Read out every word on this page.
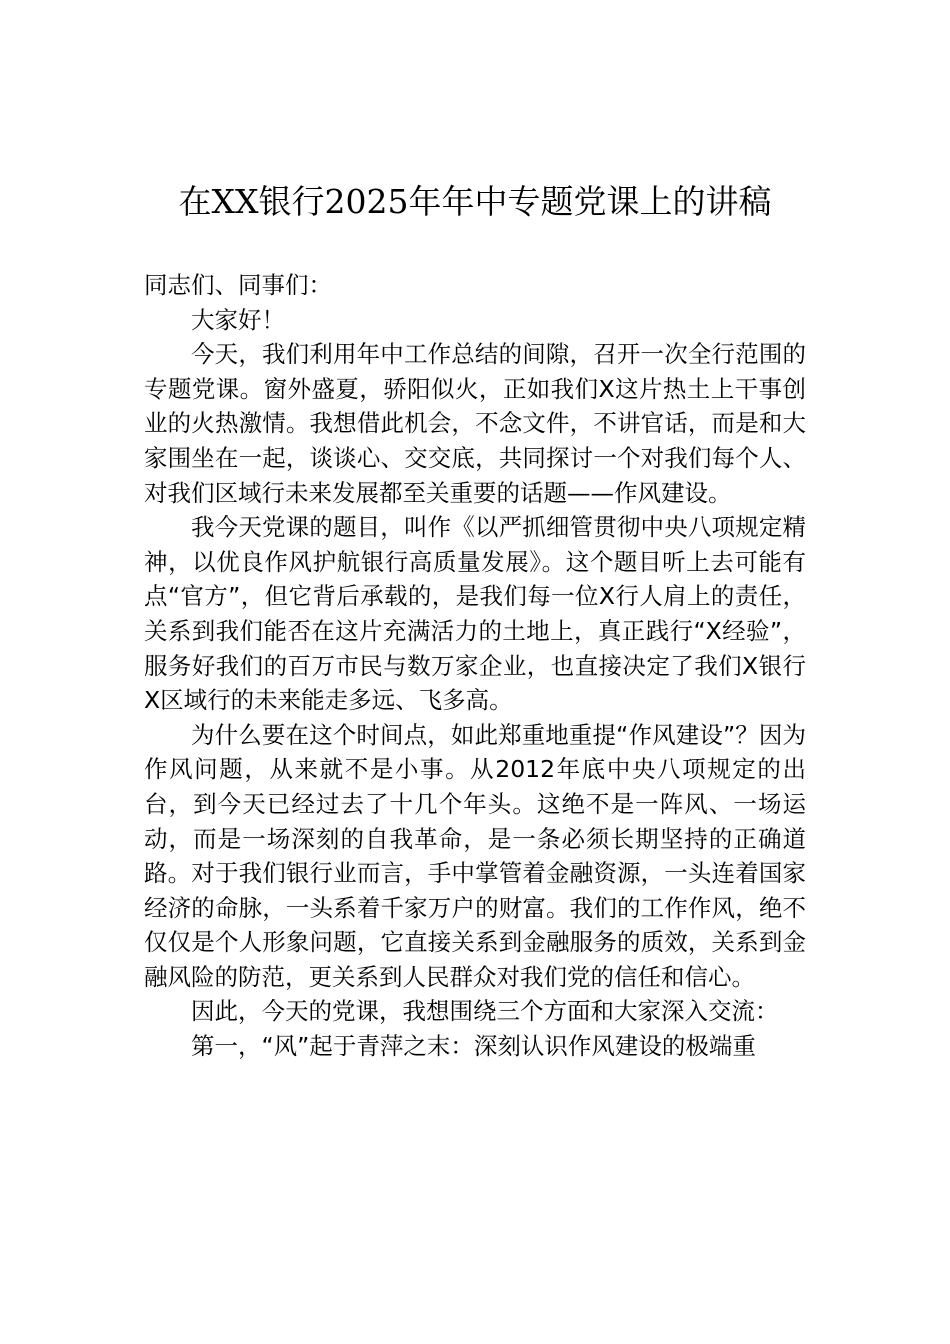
在XX银行2025年年中专题党课上的讲稿

同志们、同事们：

大家好！

今天，我们利用年中工作总结的间隙，召开一次全行范围的专题党课。窗外盛夏，骄阳似火，正如我们X这片热土上干事创业的火热激情。我想借此机会，不念文件，不讲官话，而是和大家围坐在一起，谈谈心、交交底，共同探讨一个对我们每个人、对我们区域行未来发展都至关重要的话题——作风建设。

我今天党课的题目，叫作《以严抓细管贯彻中央八项规定精神，以优良作风护航银行高质量发展》。这个题目听上去可能有点“官方”，但它背后承载的，是我们每一位X行人肩上的责任，关系到我们能否在这片充满活力的土地上，真正践行“X经验”，服务好我们的百万市民与数万家企业，也直接决定了我们X银行X区域行的未来能走多远、飞多高。

为什么要在这个时间点，如此郑重地重提“作风建设”？因为作风问题，从来就不是小事。从2012年底中央八项规定的出台，到今天已经过去了十几个年头。这绝不是一阵风、一场运动，而是一场深刻的自我革命，是一条必须长期坚持的正确道路。对于我们银行业而言，手中掌管着金融资源，一头连着国家经济的命脉，一头系着千家万户的财富。我们的工作作风，绝不仅仅是个人形象问题，它直接关系到金融服务的质效，关系到金融风险的防范，更关系到人民群众对我们党的信任和信心。

因此，今天的党课，我想围绕三个方面和大家深入交流：

第一，“风”起于青萍之末：深刻认识作风建设的极端重
